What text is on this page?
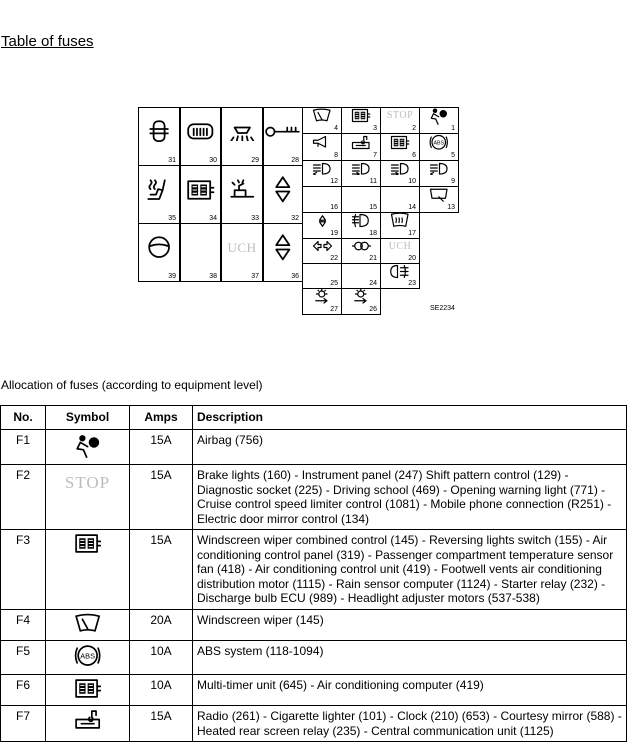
Table of fuses
31	30	29	28
4	3
STOP
2	1
8	7	6
ABS
5
35	34	33	32
12	11	10	9
16	15	14	13
39	38
UCH
37	36
19	18	17
22	21
UCH
20
25	24	23
27	26	SE2234
Allocation of fuses (according to equipment level)
No.	Symbol	Amps	Description
F1		15A	Airbag (756)
F2	STOP	15A	Brake lights (160) - Instrument panel (247) Shift pattern control (129) - Diagnostic socket (225) - Driving school (469) - Opening warning light (771) - Cruise control speed limiter control (1081) - Mobile phone connection (R251) - Electric door mirror control (134)
F3		15A	Windscreen wiper combined control (145) - Reversing lights switch (155) - Air conditioning control panel (319) - Passenger compartment temperature sensor fan (418) - Air conditioning control unit (419) - Footwell vents air conditioning distribution motor (1115) - Rain sensor computer (1124) - Starter relay (232) - Discharge bulb ECU (989) - Headlight adjuster motors (537-538)
F4		20A	Windscreen wiper (145)
F5	ABS	10A	ABS system (118-1094)
F6		10A	Multi-timer unit (645) - Air conditioning computer (419)
F7		15A	Radio (261) - Cigarette lighter (101) - Clock (210) (653) - Courtesy mirror (588) - Heated rear screen relay (235) - Central communication unit (1125)
